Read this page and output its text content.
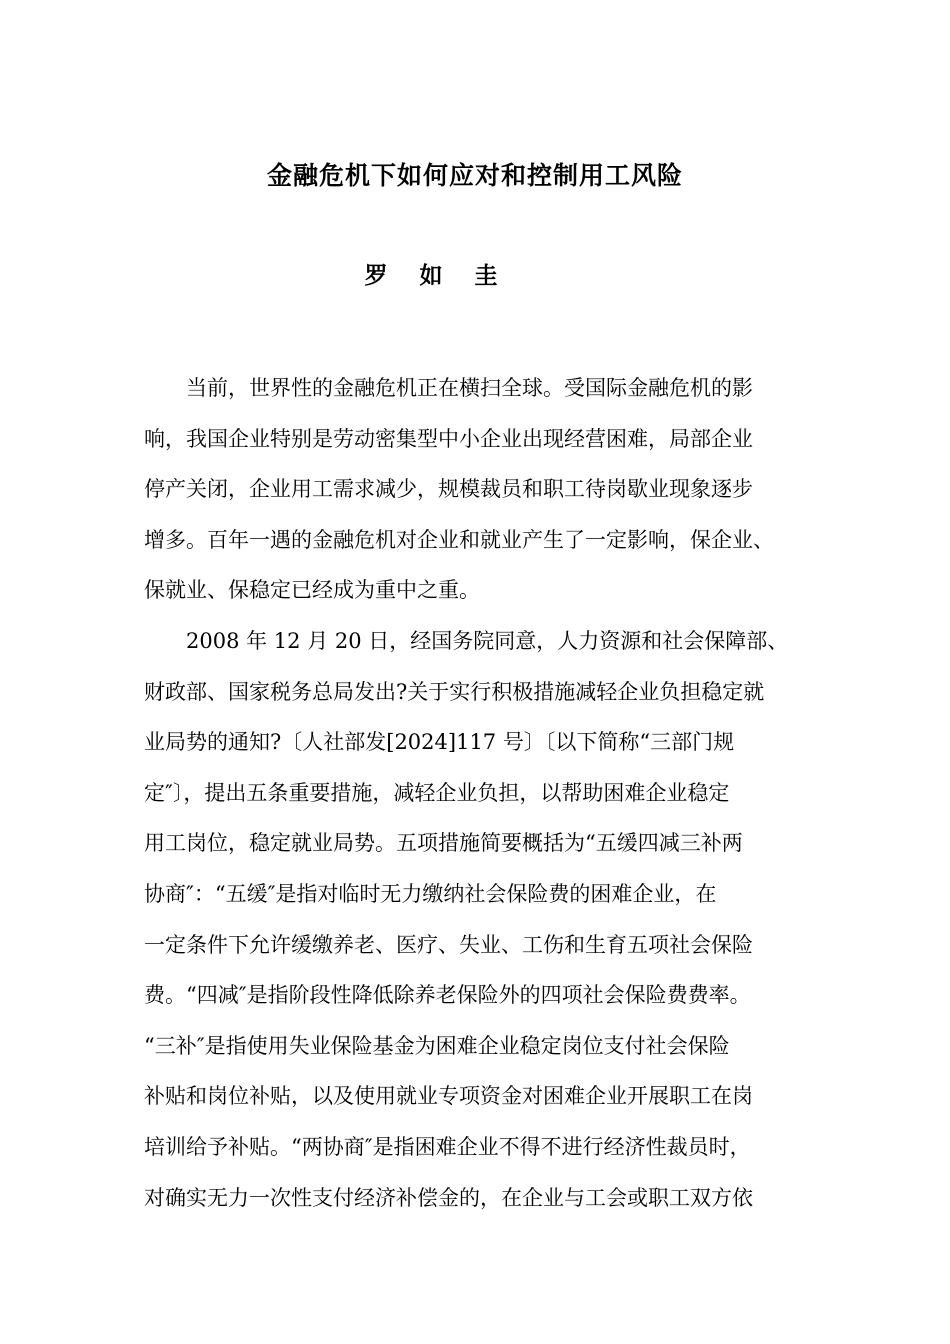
金融危机下如何应对和控制用工风险
罗 如 圭
当前，世界性的金融危机正在横扫全球。受国际金融危机的影
响，我国企业特别是劳动密集型中小企业出现经营困难，局部企业
停产关闭，企业用工需求减少，规模裁员和职工待岗歇业现象逐步
增多。百年一遇的金融危机对企业和就业产生了一定影响，保企业、
保就业、保稳定已经成为重中之重。
2008 年 12 月 20 日，经国务院同意，人力资源和社会保障部、
财政部、国家税务总局发出?关于实行积极措施减轻企业负担稳定就
业局势的通知?〔人社部发[2024]117 号〕〔以下简称“三部门规
定″〕，提出五条重要措施，减轻企业负担，以帮助困难企业稳定
用工岗位，稳定就业局势。五项措施简要概括为“五缓四减三补两
协商″：“五缓″是指对临时无力缴纳社会保险费的困难企业，在
一定条件下允许缓缴养老、医疗、失业、工伤和生育五项社会保险
费。“四减″是指阶段性降低除养老保险外的四项社会保险费费率。
“三补″是指使用失业保险基金为困难企业稳定岗位支付社会保险
补贴和岗位补贴，以及使用就业专项资金对困难企业开展职工在岗
培训给予补贴。“两协商″是指困难企业不得不进行经济性裁员时，
对确实无力一次性支付经济补偿金的，在企业与工会或职工双方依
